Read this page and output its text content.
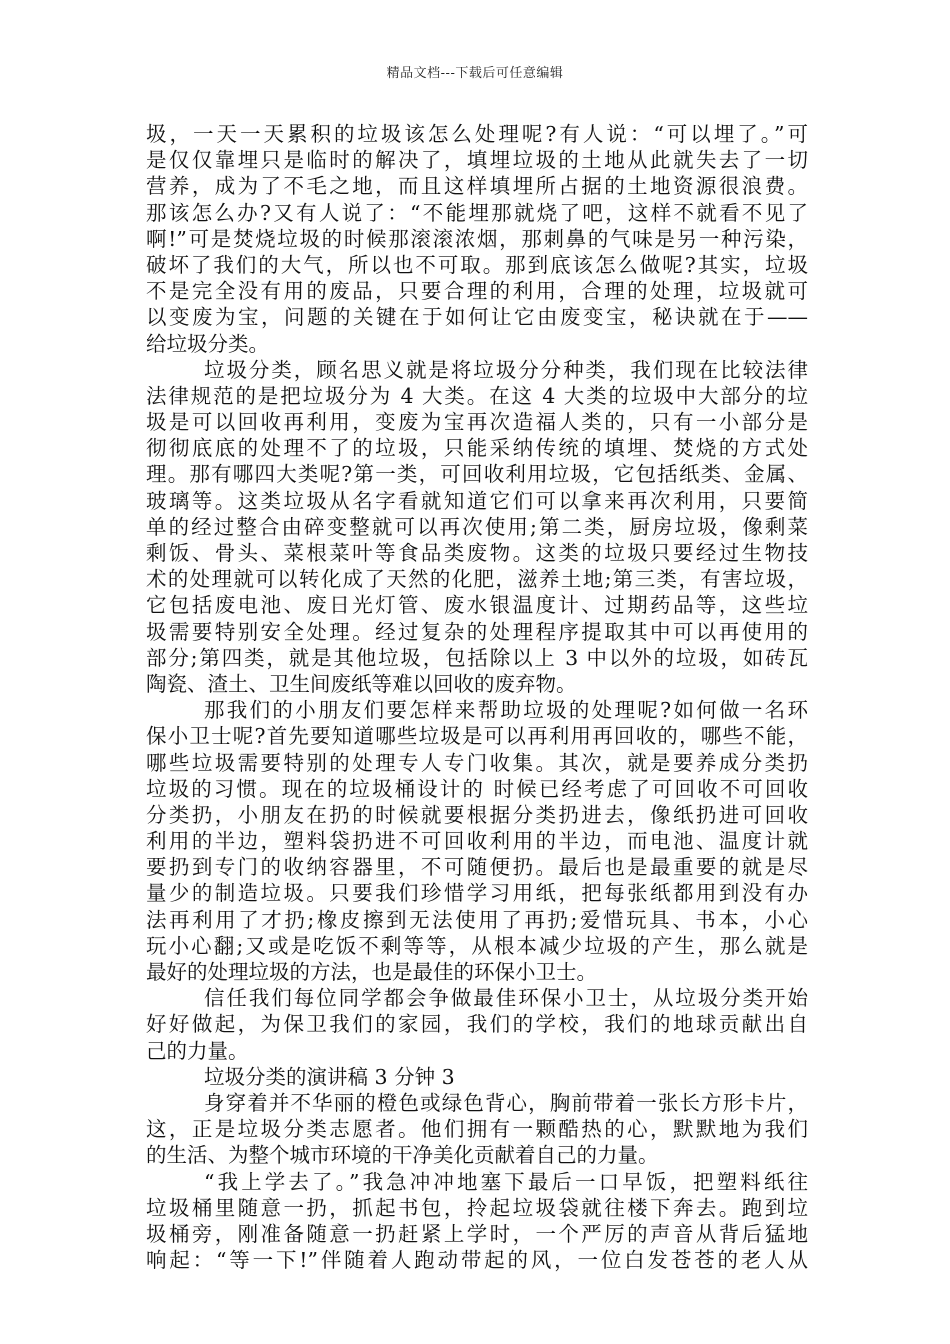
精品文档---下载后可任意编辑
圾，一天一天累积的垃圾该怎么处理呢?有人说：“可以埋了。”可
是仅仅靠埋只是临时的解决了，填埋垃圾的土地从此就失去了一切
营养，成为了不毛之地，而且这样填埋所占据的土地资源很浪费。
那该怎么办?又有人说了：“不能埋那就烧了吧，这样不就看不见了
啊!”可是焚烧垃圾的时候那滚滚浓烟，那刺鼻的气味是另一种污染，
破坏了我们的大气，所以也不可取。那到底该怎么做呢?其实，垃圾
不是完全没有用的废品，只要合理的利用，合理的处理，垃圾就可
以变废为宝，问题的关键在于如何让它由废变宝，秘诀就在于——
给垃圾分类。
垃圾分类，顾名思义就是将垃圾分分种类，我们现在比较法律
法律规范的是把垃圾分为 4 大类。在这 4 大类的垃圾中大部分的垃
圾是可以回收再利用，变废为宝再次造福人类的，只有一小部分是
彻彻底底的处理不了的垃圾，只能采纳传统的填埋、焚烧的方式处
理。那有哪四大类呢?第一类，可回收利用垃圾，它包括纸类、金属、
玻璃等。这类垃圾从名字看就知道它们可以拿来再次利用，只要简
单的经过整合由碎变整就可以再次使用;第二类，厨房垃圾，像剩菜
剩饭、骨头、菜根菜叶等食品类废物。这类的垃圾只要经过生物技
术的处理就可以转化成了天然的化肥，滋养土地;第三类，有害垃圾，
它包括废电池、废日光灯管、废水银温度计、过期药品等，这些垃
圾需要特别安全处理。经过复杂的处理程序提取其中可以再使用的
部分;第四类，就是其他垃圾，包括除以上 3 中以外的垃圾，如砖瓦
陶瓷、渣土、卫生间废纸等难以回收的废弃物。
那我们的小朋友们要怎样来帮助垃圾的处理呢?如何做一名环
保小卫士呢?首先要知道哪些垃圾是可以再利用再回收的，哪些不能，
哪些垃圾需要特别的处理专人专门收集。其次，就是要养成分类扔
垃圾的习惯。现在的垃圾桶设计的 时候已经考虑了可回收不可回收
分类扔，小朋友在扔的时候就要根据分类扔进去，像纸扔进可回收
利用的半边，塑料袋扔进不可回收利用的半边，而电池、温度计就
要扔到专门的收纳容器里，不可随便扔。最后也是最重要的就是尽
量少的制造垃圾。只要我们珍惜学习用纸，把每张纸都用到没有办
法再利用了才扔;橡皮擦到无法使用了再扔;爱惜玩具、书本，小心
玩小心翻;又或是吃饭不剩等等，从根本减少垃圾的产生，那么就是
最好的处理垃圾的方法，也是最佳的环保小卫士。
信任我们每位同学都会争做最佳环保小卫士，从垃圾分类开始
好好做起，为保卫我们的家园，我们的学校，我们的地球贡献出自
己的力量。
垃圾分类的演讲稿 3 分钟 3
身穿着并不华丽的橙色或绿色背心，胸前带着一张长方形卡片，
这，正是垃圾分类志愿者。他们拥有一颗酷热的心，默默地为我们
的生活、为整个城市环境的干净美化贡献着自己的力量。
“我上学去了。”我急冲冲地塞下最后一口早饭，把塑料纸往
垃圾桶里随意一扔，抓起书包，拎起垃圾袋就往楼下奔去。跑到垃
圾桶旁，刚准备随意一扔赶紧上学时，一个严厉的声音从背后猛地
响起：“等一下!”伴随着人跑动带起的风，一位白发苍苍的老人从
